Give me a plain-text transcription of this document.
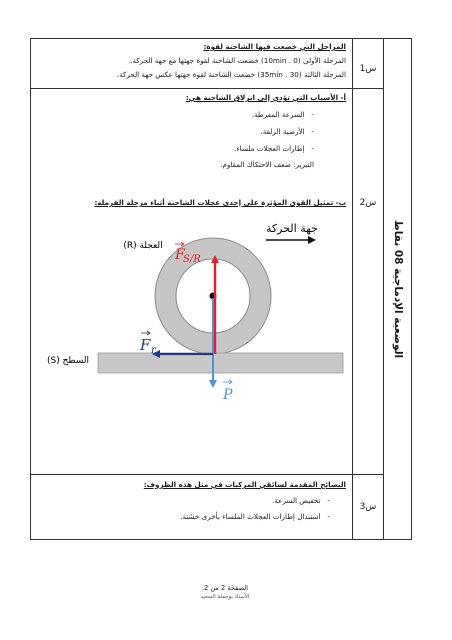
الوضعية الإدماجية 08 نقاط
س1
المراحل التي خضعت فيها الشاحنة لقوة:
المرحلة الأولى (10min . 0) خضعت الشاحنة لقوة جهتها مع جهة الحركة.
المرحلة الثالثة (30 . 35min) خضعت الشاحنة لقوة جهتها عكس جهة الحركة.
س2
أ- الأسباب التي تؤدي إلى انزلاق الشاحنة هي:
-   السرعة المفرطة.
-   الأرضية الزلقة.
-   إطارات العجلات ملساء.
التبرير: ضعف الاحتكاك المقاوم.
ب- تمثيل القوى المؤثرة على إحدى عجلات الشاحنة أثناء مرحلة الفرملة:
جهة الحركة
العجلة (R)
السطح (S)
F
S/R
F r
P
س3
النصائح المقدمة لسائقي المركبات في مثل هذه الظروف:
-   تخفيض السرعة.
-   استبدال إطارات العجلات الملساء بأخرى خشنة.
الصفحة 2 من 2.
الأستاذ بوجملة السعيد
